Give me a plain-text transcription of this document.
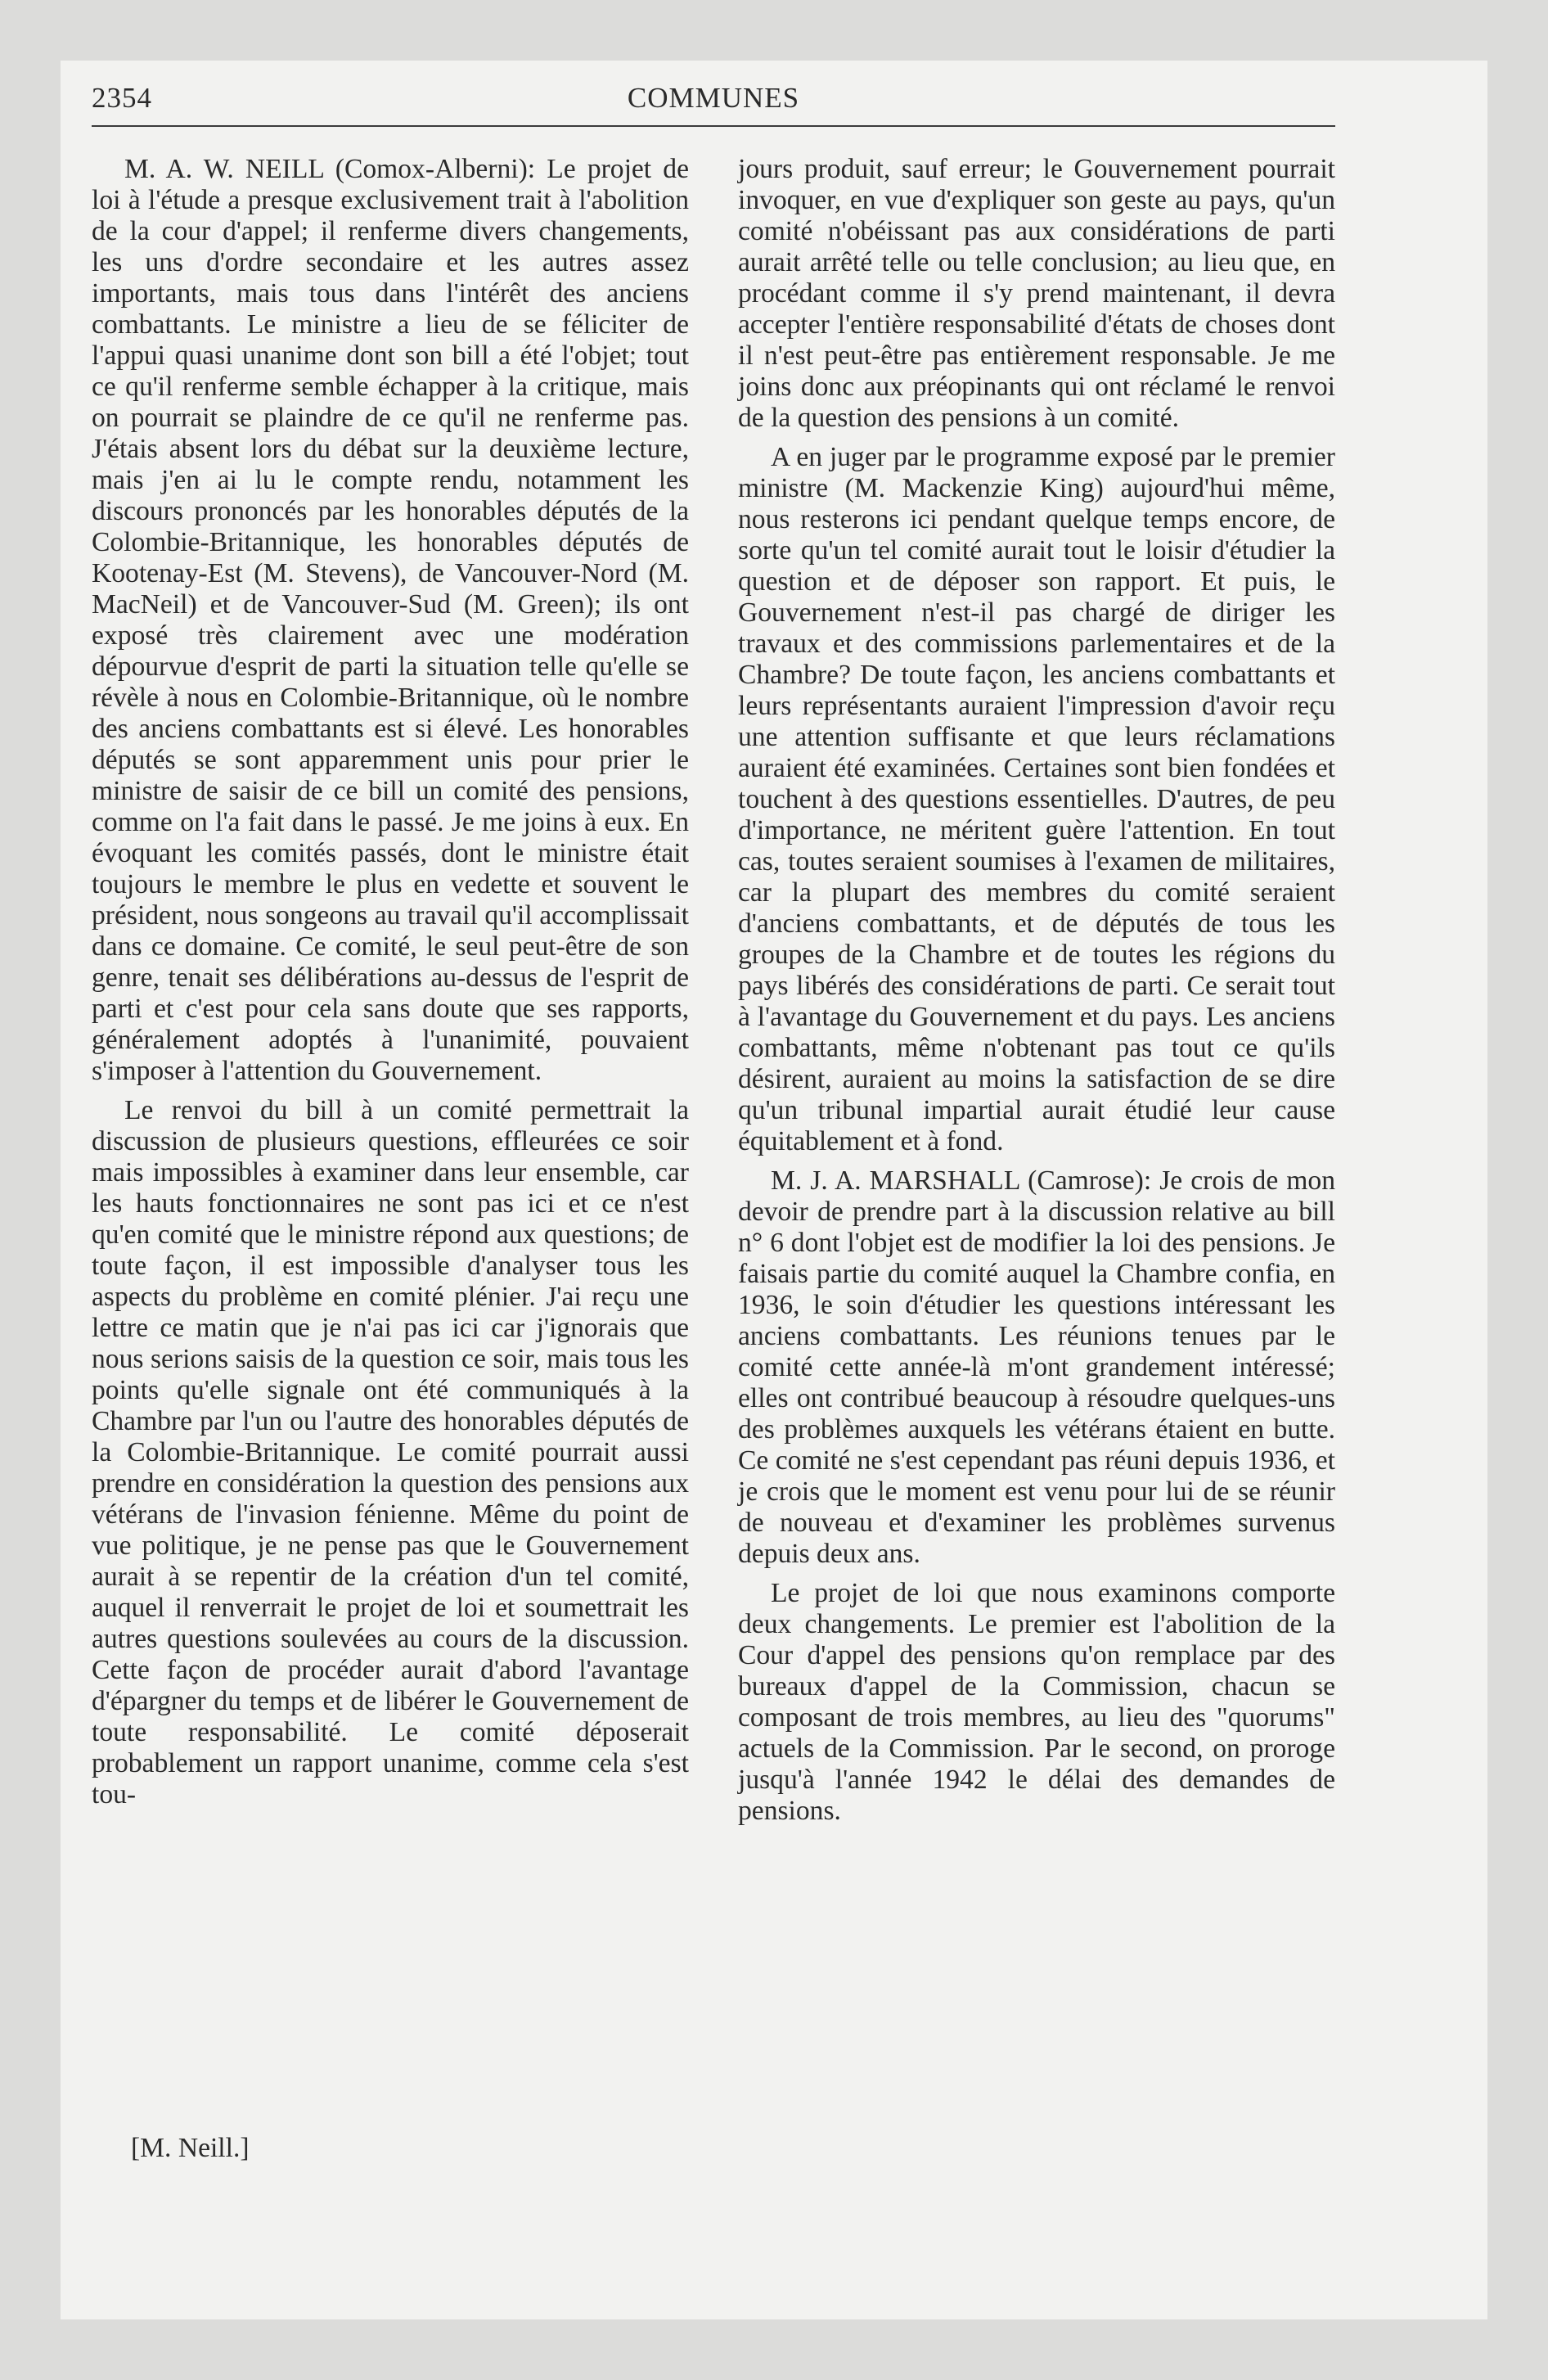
2354	COMMUNES

M. A. W. NEILL (Comox-Alberni): Le projet de loi à l'étude a presque exclusivement trait à l'abolition de la cour d'appel; il renferme divers changements, les uns d'ordre secondaire et les autres assez importants, mais tous dans l'intérêt des anciens combattants. Le ministre a lieu de se féliciter de l'appui quasi unanime dont son bill a été l'objet; tout ce qu'il renferme semble échapper à la critique, mais on pourrait se plaindre de ce qu'il ne renferme pas. J'étais absent lors du débat sur la deuxième lecture, mais j'en ai lu le compte rendu, notamment les discours prononcés par les honorables députés de la Colombie-Britannique, les honorables députés de Kootenay-Est (M. Stevens), de Vancouver-Nord (M. MacNeil) et de Vancouver-Sud (M. Green); ils ont exposé très clairement avec une modération dépourvue d'esprit de parti la situation telle qu'elle se révèle à nous en Colombie-Britannique, où le nombre des anciens combattants est si élevé. Les honorables députés se sont apparemment unis pour prier le ministre de saisir de ce bill un comité des pensions, comme on l'a fait dans le passé. Je me joins à eux. En évoquant les comités passés, dont le ministre était toujours le membre le plus en vedette et souvent le président, nous songeons au travail qu'il accomplissait dans ce domaine. Ce comité, le seul peut-être de son genre, tenait ses délibérations au-dessus de l'esprit de parti et c'est pour cela sans doute que ses rapports, généralement adoptés à l'unanimité, pouvaient s'imposer à l'attention du Gouvernement.

Le renvoi du bill à un comité permettrait la discussion de plusieurs questions, effleurées ce soir mais impossibles à examiner dans leur ensemble, car les hauts fonctionnaires ne sont pas ici et ce n'est qu'en comité que le ministre répond aux questions; de toute façon, il est impossible d'analyser tous les aspects du problème en comité plénier. J'ai reçu une lettre ce matin que je n'ai pas ici car j'ignorais que nous serions saisis de la question ce soir, mais tous les points qu'elle signale ont été communiqués à la Chambre par l'un ou l'autre des honorables députés de la Colombie-Britannique. Le comité pourrait aussi prendre en considération la question des pensions aux vétérans de l'invasion fénienne. Même du point de vue politique, je ne pense pas que le Gouvernement aurait à se repentir de la création d'un tel comité, auquel il renverrait le projet de loi et soumettrait les autres questions soulevées au cours de la discussion. Cette façon de procéder aurait d'abord l'avantage d'épargner du temps et de libérer le Gouvernement de toute responsabilité. Le comité déposerait probablement un rapport unanime, comme cela s'est tou-

[M. Neill.]

jours produit, sauf erreur; le Gouvernement pourrait invoquer, en vue d'expliquer son geste au pays, qu'un comité n'obéissant pas aux considérations de parti aurait arrêté telle ou telle conclusion; au lieu que, en procédant comme il s'y prend maintenant, il devra accepter l'entière responsabilité d'états de choses dont il n'est peut-être pas entièrement responsable. Je me joins donc aux préopinants qui ont réclamé le renvoi de la question des pensions à un comité.

A en juger par le programme exposé par le premier ministre (M. Mackenzie King) aujourd'hui même, nous resterons ici pendant quelque temps encore, de sorte qu'un tel comité aurait tout le loisir d'étudier la question et de déposer son rapport. Et puis, le Gouvernement n'est-il pas chargé de diriger les travaux et des commissions parlementaires et de la Chambre? De toute façon, les anciens combattants et leurs représentants auraient l'impression d'avoir reçu une attention suffisante et que leurs réclamations auraient été examinées. Certaines sont bien fondées et touchent à des questions essentielles. D'autres, de peu d'importance, ne méritent guère l'attention. En tout cas, toutes seraient soumises à l'examen de militaires, car la plupart des membres du comité seraient d'anciens combattants, et de députés de tous les groupes de la Chambre et de toutes les régions du pays libérés des considérations de parti. Ce serait tout à l'avantage du Gouvernement et du pays. Les anciens combattants, même n'obtenant pas tout ce qu'ils désirent, auraient au moins la satisfaction de se dire qu'un tribunal impartial aurait étudié leur cause équitablement et à fond.

M. J. A. MARSHALL (Camrose): Je crois de mon devoir de prendre part à la discussion relative au bill n° 6 dont l'objet est de modifier la loi des pensions. Je faisais partie du comité auquel la Chambre confia, en 1936, le soin d'étudier les questions intéressant les anciens combattants. Les réunions tenues par le comité cette année-là m'ont grandement intéressé; elles ont contribué beaucoup à résoudre quelques-uns des problèmes auxquels les vétérans étaient en butte. Ce comité ne s'est cependant pas réuni depuis 1936, et je crois que le moment est venu pour lui de se réunir de nouveau et d'examiner les problèmes survenus depuis deux ans.

Le projet de loi que nous examinons comporte deux changements. Le premier est l'abolition de la Cour d'appel des pensions qu'on remplace par des bureaux d'appel de la Commission, chacun se composant de trois membres, au lieu des "quorums" actuels de la Commission. Par le second, on proroge jusqu'à l'année 1942 le délai des demandes de pensions.
